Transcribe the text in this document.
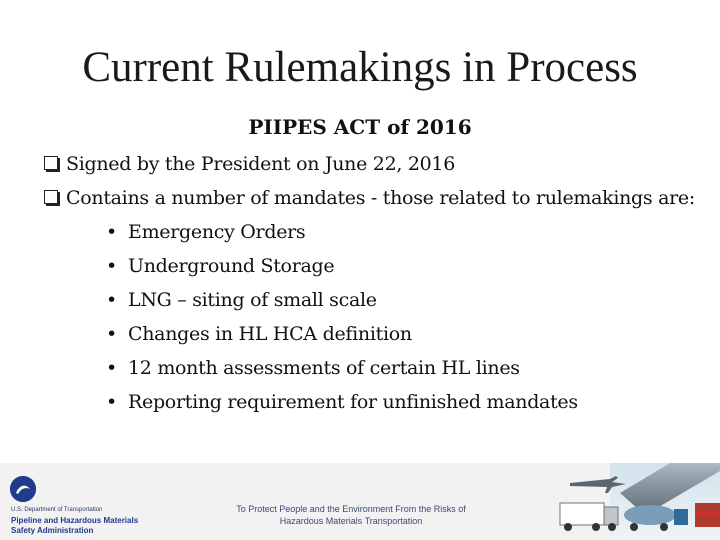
Current Rulemakings in Process
PIIPES ACT of 2016
Signed by the President on June 22, 2016
Contains a number of mandates - those related to rulemakings are:
• Emergency Orders
• Underground Storage
• LNG – siting of small scale
• Changes in HL HCA definition
• 12 month assessments of certain HL lines
• Reporting requirement for unfinished mandates
U.S. Department of Transportation
Pipeline and Hazardous Materials Safety Administration
To Protect People and the Environment From the Risks of Hazardous Materials Transportation
